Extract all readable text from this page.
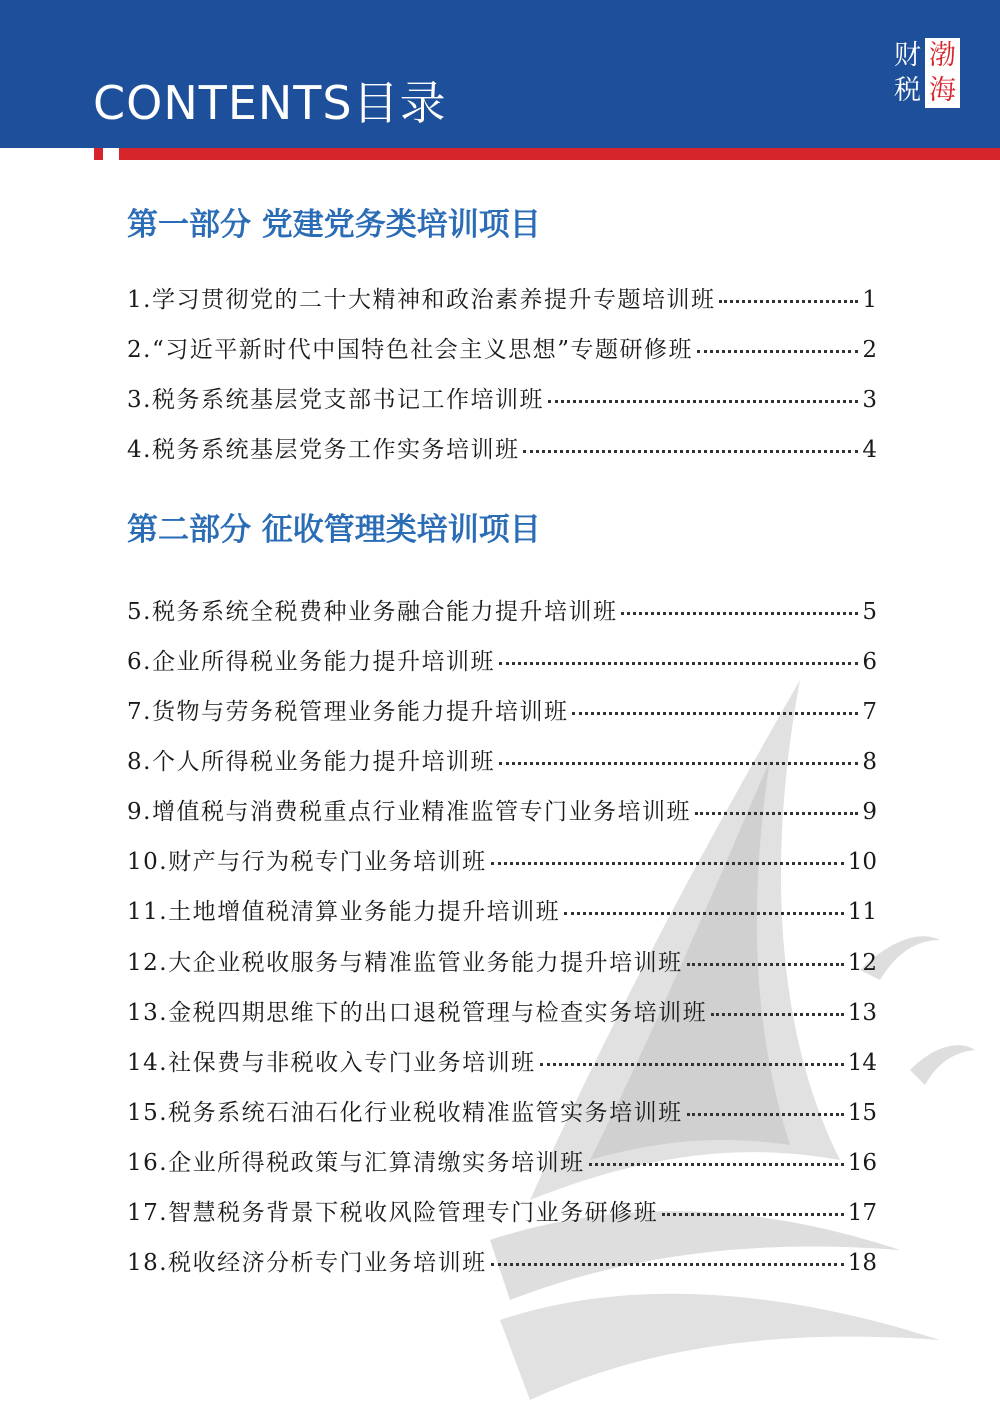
CONTENTS目录
财 渤
税 海
第一部分 党建党务类培训项目
1.学习贯彻党的二十大精神和政治素养提升专题培训班	1
2.“习近平新时代中国特色社会主义思想”专题研修班	2
3.税务系统基层党支部书记工作培训班	3
4.税务系统基层党务工作实务培训班	4
第二部分 征收管理类培训项目
5.税务系统全税费种业务融合能力提升培训班	5
6.企业所得税业务能力提升培训班	6
7.货物与劳务税管理业务能力提升培训班	7
8.个人所得税业务能力提升培训班	8
9.增值税与消费税重点行业精准监管专门业务培训班	9
10.财产与行为税专门业务培训班	10
11.土地增值税清算业务能力提升培训班	11
12.大企业税收服务与精准监管业务能力提升培训班	12
13.金税四期思维下的出口退税管理与检查实务培训班	13
14.社保费与非税收入专门业务培训班	14
15.税务系统石油石化行业税收精准监管实务培训班	15
16.企业所得税政策与汇算清缴实务培训班	16
17.智慧税务背景下税收风险管理专门业务研修班	17
18.税收经济分析专门业务培训班	18
